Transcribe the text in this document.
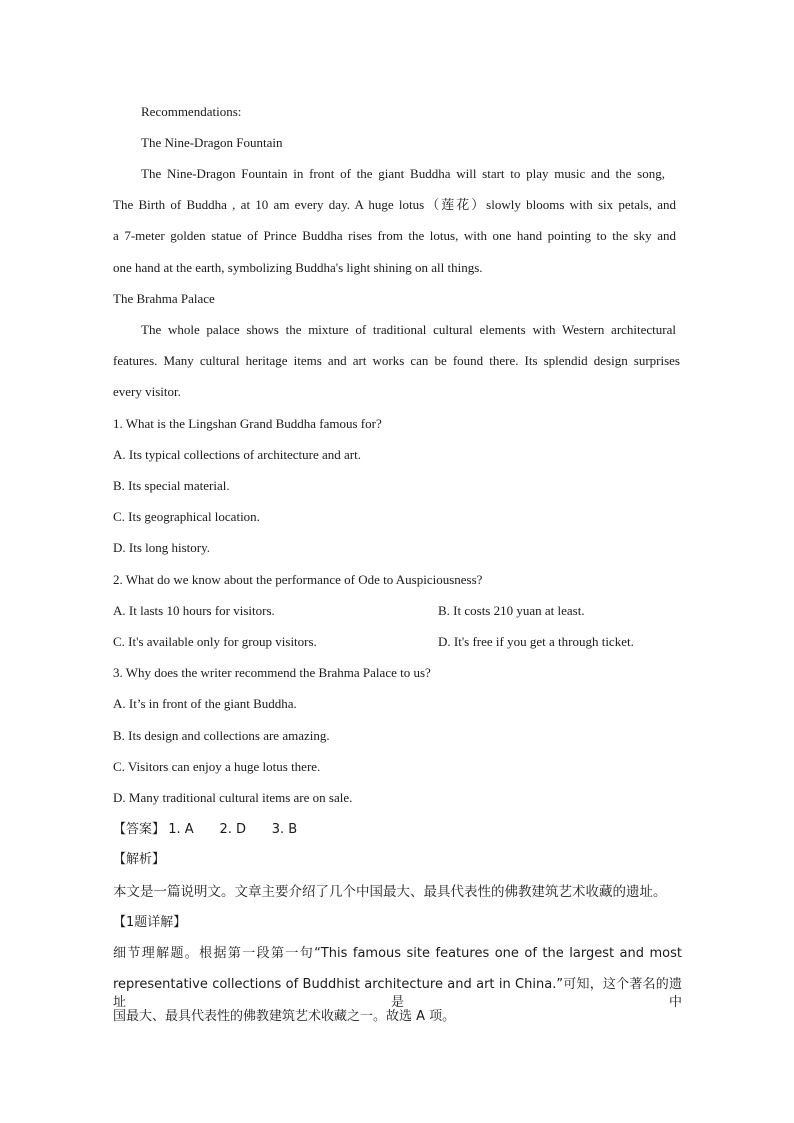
Recommendations:
The Nine-Dragon Fountain
The Nine-Dragon Fountain in front of the giant Buddha will start to play music and the song,
The Birth of Buddha , at 10 am every day. A huge lotus（莲花）slowly blooms with six petals, and
a 7-meter golden statue of Prince Buddha rises from the lotus, with one hand pointing to the sky and
one hand at the earth, symbolizing Buddha's light shining on all things.
The Brahma Palace
The whole palace shows the mixture of traditional cultural elements with Western architectural
features. Many cultural heritage items and art works can be found there. Its splendid design surprises
every visitor.
1. What is the Lingshan Grand Buddha famous for?
A. Its typical collections of architecture and art.
B. Its special material.
C. Its geographical location.
D. Its long history.
2. What do we know about the performance of Ode to Auspiciousness?
A. It lasts 10 hours for visitors.	B. It costs 210 yuan at least.
C. It's available only for group visitors.	D. It's free if you get a through ticket.
3. Why does the writer recommend the Brahma Palace to us?
A. It’s in front of the giant Buddha.
B. Its design and collections are amazing.
C. Visitors can enjoy a huge lotus there.
D. Many traditional cultural items are on sale.
【答案】 1. A 2. D 3. B
【解析】
本文是一篇说明文。文章主要介绍了几个中国最大、最具代表性的佛教建筑艺术收藏的遗址。
【1题详解】
细节理解题。根据第一段第一句“This famous site features one of the largest and most
representative collections of Buddhist architecture and art in China.”可知，这个著名的遗址是中
国最大、最具代表性的佛教建筑艺术收藏之一。故选 A 项。
